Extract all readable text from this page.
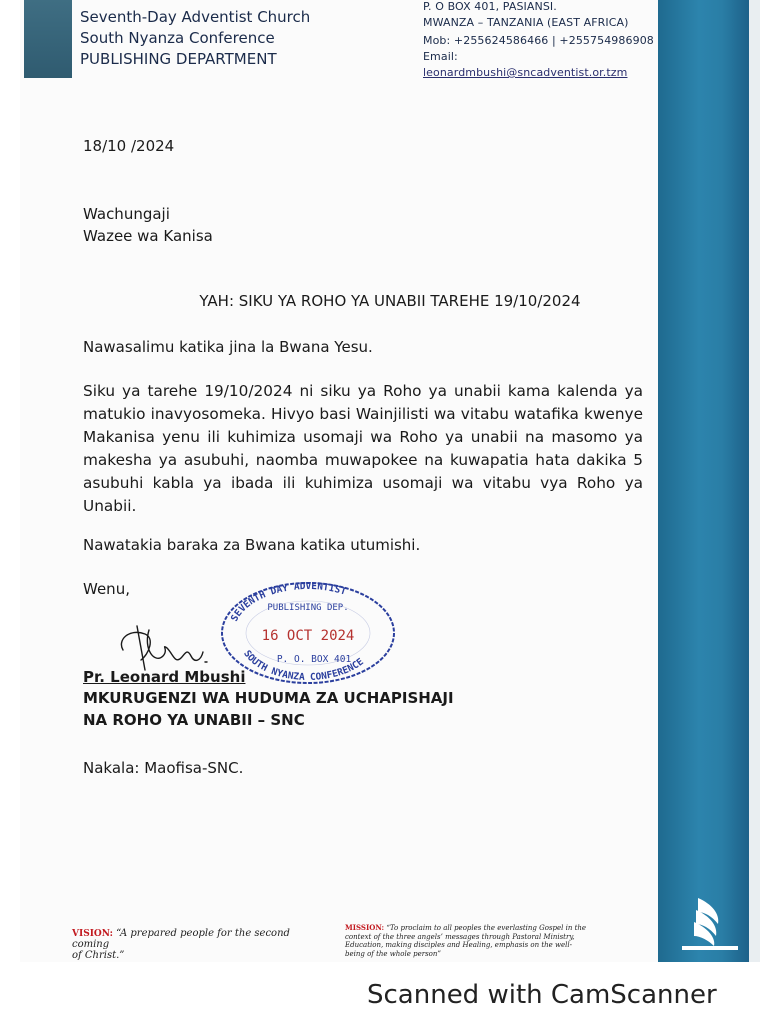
Seventh-Day Adventist Church
South Nyanza Conference
PUBLISHING DEPARTMENT
P. O BOX 401, PASIANSI.
MWANZA – TANZANIA (EAST AFRICA)
Mob: +255624586466 | +255754986908
Email:
leonardmbushi@sncadventist.or.tzm
18/10 /2024
Wachungaji
Wazee wa Kanisa
YAH: SIKU YA ROHO YA UNABII TAREHE 19/10/2024
Nawasalimu katika jina la Bwana Yesu.
Siku ya tarehe 19/10/2024 ni siku ya Roho ya unabii kama kalenda ya matukio inavyosomeka. Hivyo basi Wainjilisti wa vitabu watafika kwenye Makanisa yenu ili kuhimiza usomaji wa Roho ya unabii na masomo ya makesha ya asubuhi, naomba muwapokee na kuwapatia hata dakika 5 asubuhi kabla ya ibada ili kuhimiza usomaji wa vitabu vya Roho ya Unabii.
Nawatakia baraka za Bwana katika utumishi.
Wenu,
SEVENTH DAY ADVENTIST
PUBLISHING DEP.
16 OCT 2024
P. O. BOX 401
SOUTH NYANZA CONFERENCE
Pr. Leonard Mbushi
MKURUGENZI WA HUDUMA ZA UCHAPISHAJI
NA ROHO YA UNABII – SNC
Nakala: Maofisa-SNC.
VISION: “A prepared people for the second coming
of Christ.”
MISSION: “To proclaim to all peoples the everlasting Gospel in the
context of the three angels’ messages through Pastoral Ministry,
Education, making disciples and Healing, emphasis on the well-
being of the whole person”
Scanned with CamScanner
